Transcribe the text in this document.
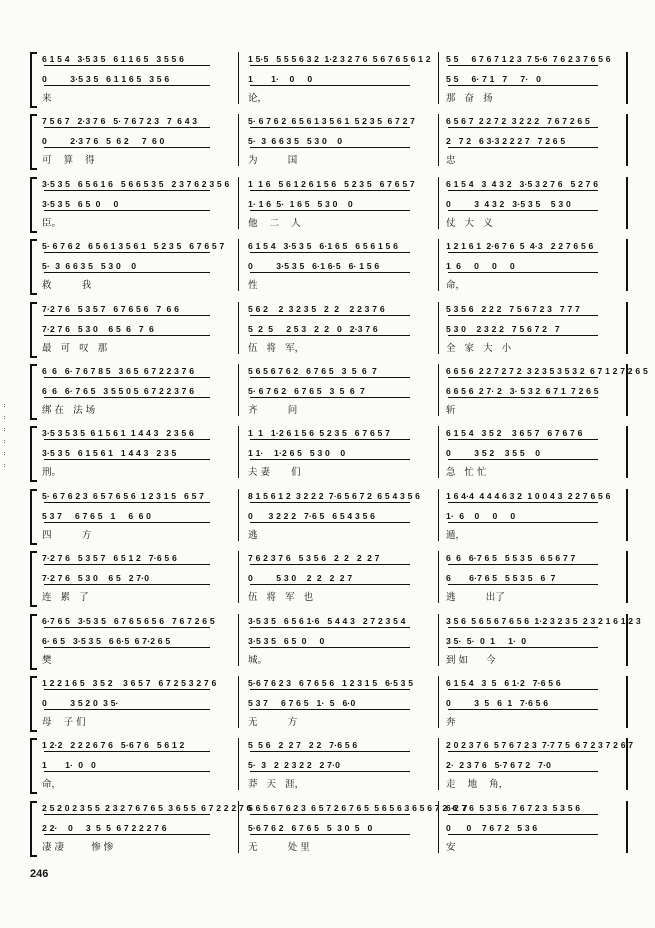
6 1 5 4   3·5 3 5   6 1 1 6 5   3 5 5 6
0         3·5 3 5   6 1 1 6 5   3 5 6
来
1 5·5   5 5 5 6 3 2  1·2 3 2 7 6  5 6 7 6 5 6 1 2
1       1·    0     0
论，
5 5     6 7 6 7 1 2 3  7 5·6  7 6 2 3 7 6 5 6
5 5     6· 7 1   7     7·   0
那   奋   扬
7 5 6 7   2·3 7 6   5· 7 6 7 2 3   7  6 4 3
0         2·3 7 6   5  6 2     7  6 0
可    算    得
5· 6 7 6 2  6 5 6 1 3 5 6 1  5 2 3 5  6 7 2 7
5·  3  6 6 3 5   5 3 0    0
为          国
6 5 6 7  2 2 7 2  3 2 2 2   7 6 7 2 6 5
2   7 2   6 3·3 2 2 2 7   7 2 6 5
忠
3·5 3 5   6 5 6 1 6   5 6 6 5 3 5   2 3 7 6 2 3 5 6
3·5 3 5   6 5  0     0
臣。
1  1 6   5 6 1 2 6 1 5 6   5 2 3 5   6 7 6 5 7
1· 1 6  5·  1 6 5   5 3 0    0
他    二    人
6 1 5 4   3  4 3 2   3·5 3 2 7 6   5 2 7 6
0         3  4 3 2   3·5 3 5    5 3 0
仗   大   义
5· 6 7 6 2   6 5 6 1 3 5 6 1   5 2 3 5   6 7 6 5 7
5·  3  6 6 3 5   5 3 0    0
救          我
6 1 5 4   3·5 3 5   6·1 6 5   6 5 6 1 5 6
0         3·5 3 5   6·1 6·5   6· 1 5 6
性
1 2 1 6 1  2·6 7 6  5  4·3   2 2 7 6 5 6
1  6     0     0     0
命，
7·2 7 6   5 3 5 7   6 7 6 5 6   7  6 6
7·2 7 6   5 3 0    6 5  6   7  6
最   可   叹   那
5 6 2    2  3 2 3 5   2  2    2 2 3 7 6
5  2  5     2 5 3   2  2   0   2·3 7 6
伍   将   军，
5 3 5 6   2 2 2   7 5 6 7 2 3   7 7 7
5 3 0    2 3 2 2   7 5 6 7 2   7
全   家   大   小
6  6   6· 7 6 7 8 5   3 6 5  6 7 2 2 3 7 6
6  6   6· 7 6 5   3 5 5 0 5  6 7 2 2 3 7 6
绑 在   法 场
5 6 5 6 7 6 2   6 7 6 5   3  5  6  7
5· 6 7 6 2   6 7 6 5   3  5  6  7
齐          问
6 6 5 6  2 2 7 2 7 2  3 2 3 5 3 5 3 2  6 7 1 2 7 2 6 5
6 6 5 6  2 7· 2   3· 5 3 2  6 7 1  7 2 6 5
斩
3·5 3 5 3 5  6 1 5 6 1  1 4 4 3   2 3 5 6
3·5 3 5   6 1 5 6 1   1 4 4 3   2 3 5
刑。
1  1   1·2 6 1 5 6  5 2 3 5   6 7 6 5 7
1 1·    1·2 6 5   5 3 0    0
夫 妻       们
6 1 5 4   3 5 2    3 6 5 7   6 7 6 7 6
0         3 5 2    3 5 5    0
急   忙 忙
5· 6 7 6 2 3  6 5 7 6 5 6  1 2 3 1 5   6 5 7
5 3 7     6 7 6 5   1     6  6 0
四          方
8 1 5 6 1 2  3 2 2 2  7·6 5 6 7 2  6 5 4 3 5 6
0      3 2 2 2   7·6 5   6 5 4 3 5 6
逃
1 6 4·4  4 4 4 6 3 2  1 0 0 4 3  2 2 7 6 5 6
1·  6    0     0     0
遁，
7·2 7 6   5 3 5 7   6 5 1 2   7·6 5 6
7·2 7 6   5 3 0    6 5   2 7·0
连   累   了
7 6 2 3 7 6   5 3 5 6   2  2   2  2 7
0         5 3 0    2  2   2  2 7
伍   将   军   也
6  6   6·7 6 5   5 5 3 5   6 5 6 7 7
6       6·7 6 5   5 5 3 5   6  7
逃          出了
6·7 6 5   3·5 3 5   6 7 6 5 6 5 6   7 6 7 2 6 5
6· 6 5   3·5 3 5   6 6·5  6 7·2 6 5
樊
3·5 3 5   6 5 6 1·6   5 4 4 3   2 7 2 3 5 4
3·5 3 5   6 5  0     0
城。
3 5 6  5 6 5 6 7 6 5 6  1·2 3 2 3 5  2 3 2 1 6 1 2 3
3 5·  5·  0  1     1·  0
到 如      今
1 2 2 1 6 5   3 5 2    3 6 5 7   6 7 2 5 3 2 7 6
0         3 5 2 0  3 5·
母    子 们
5·6 7 6 2 3   6 7 6 5 6   1 2 3 1 5   6·5 3 5
5 3 7     6 7 6 5   1·  5   6·0
无          方
6 1 5 4   3  5   6 1·2   7·6 5 6
0         3  5   6  1   7·6 5 6
奔
1 2·2   2 2 2 6 7 6   5·6 7 6   5 6 1 2
1       1·  0   0
命，
5  5 6   2  2 7   2 2   7·6 5 6
5·  3   2  2 3 2 2   2 7·0
莽   天   涯，
2 0 2 3 7 6  5 7 6 7 2 3  7·7 7 5  6 7 2 3 7 2 6 7
2·  2 3 7 6   5·7 6 7 2   7·0
走    地    角，
2 5 2 0 2 3 5 5  2 3 2 7 6 7 6 5  3 6 5 5  6 7 2 2 2 7 6
2 2·    0     3  5  5  6 7 2 2 2 7 6
凄 凄         惨 惨
5 6 5 6 7 6 2 3  6 5 7 2 6 7 6 5  5 6 5 6 3 6 5 6 7 2  6  7
5·6 7 6 2   6 7 6 5   5  3 0  5   0
无          处 里
6·2 7 6  5 3 5 6  7 6 7 2 3  5 3 5 6
0      0    7 6 7 2   5 3 6
安
246
